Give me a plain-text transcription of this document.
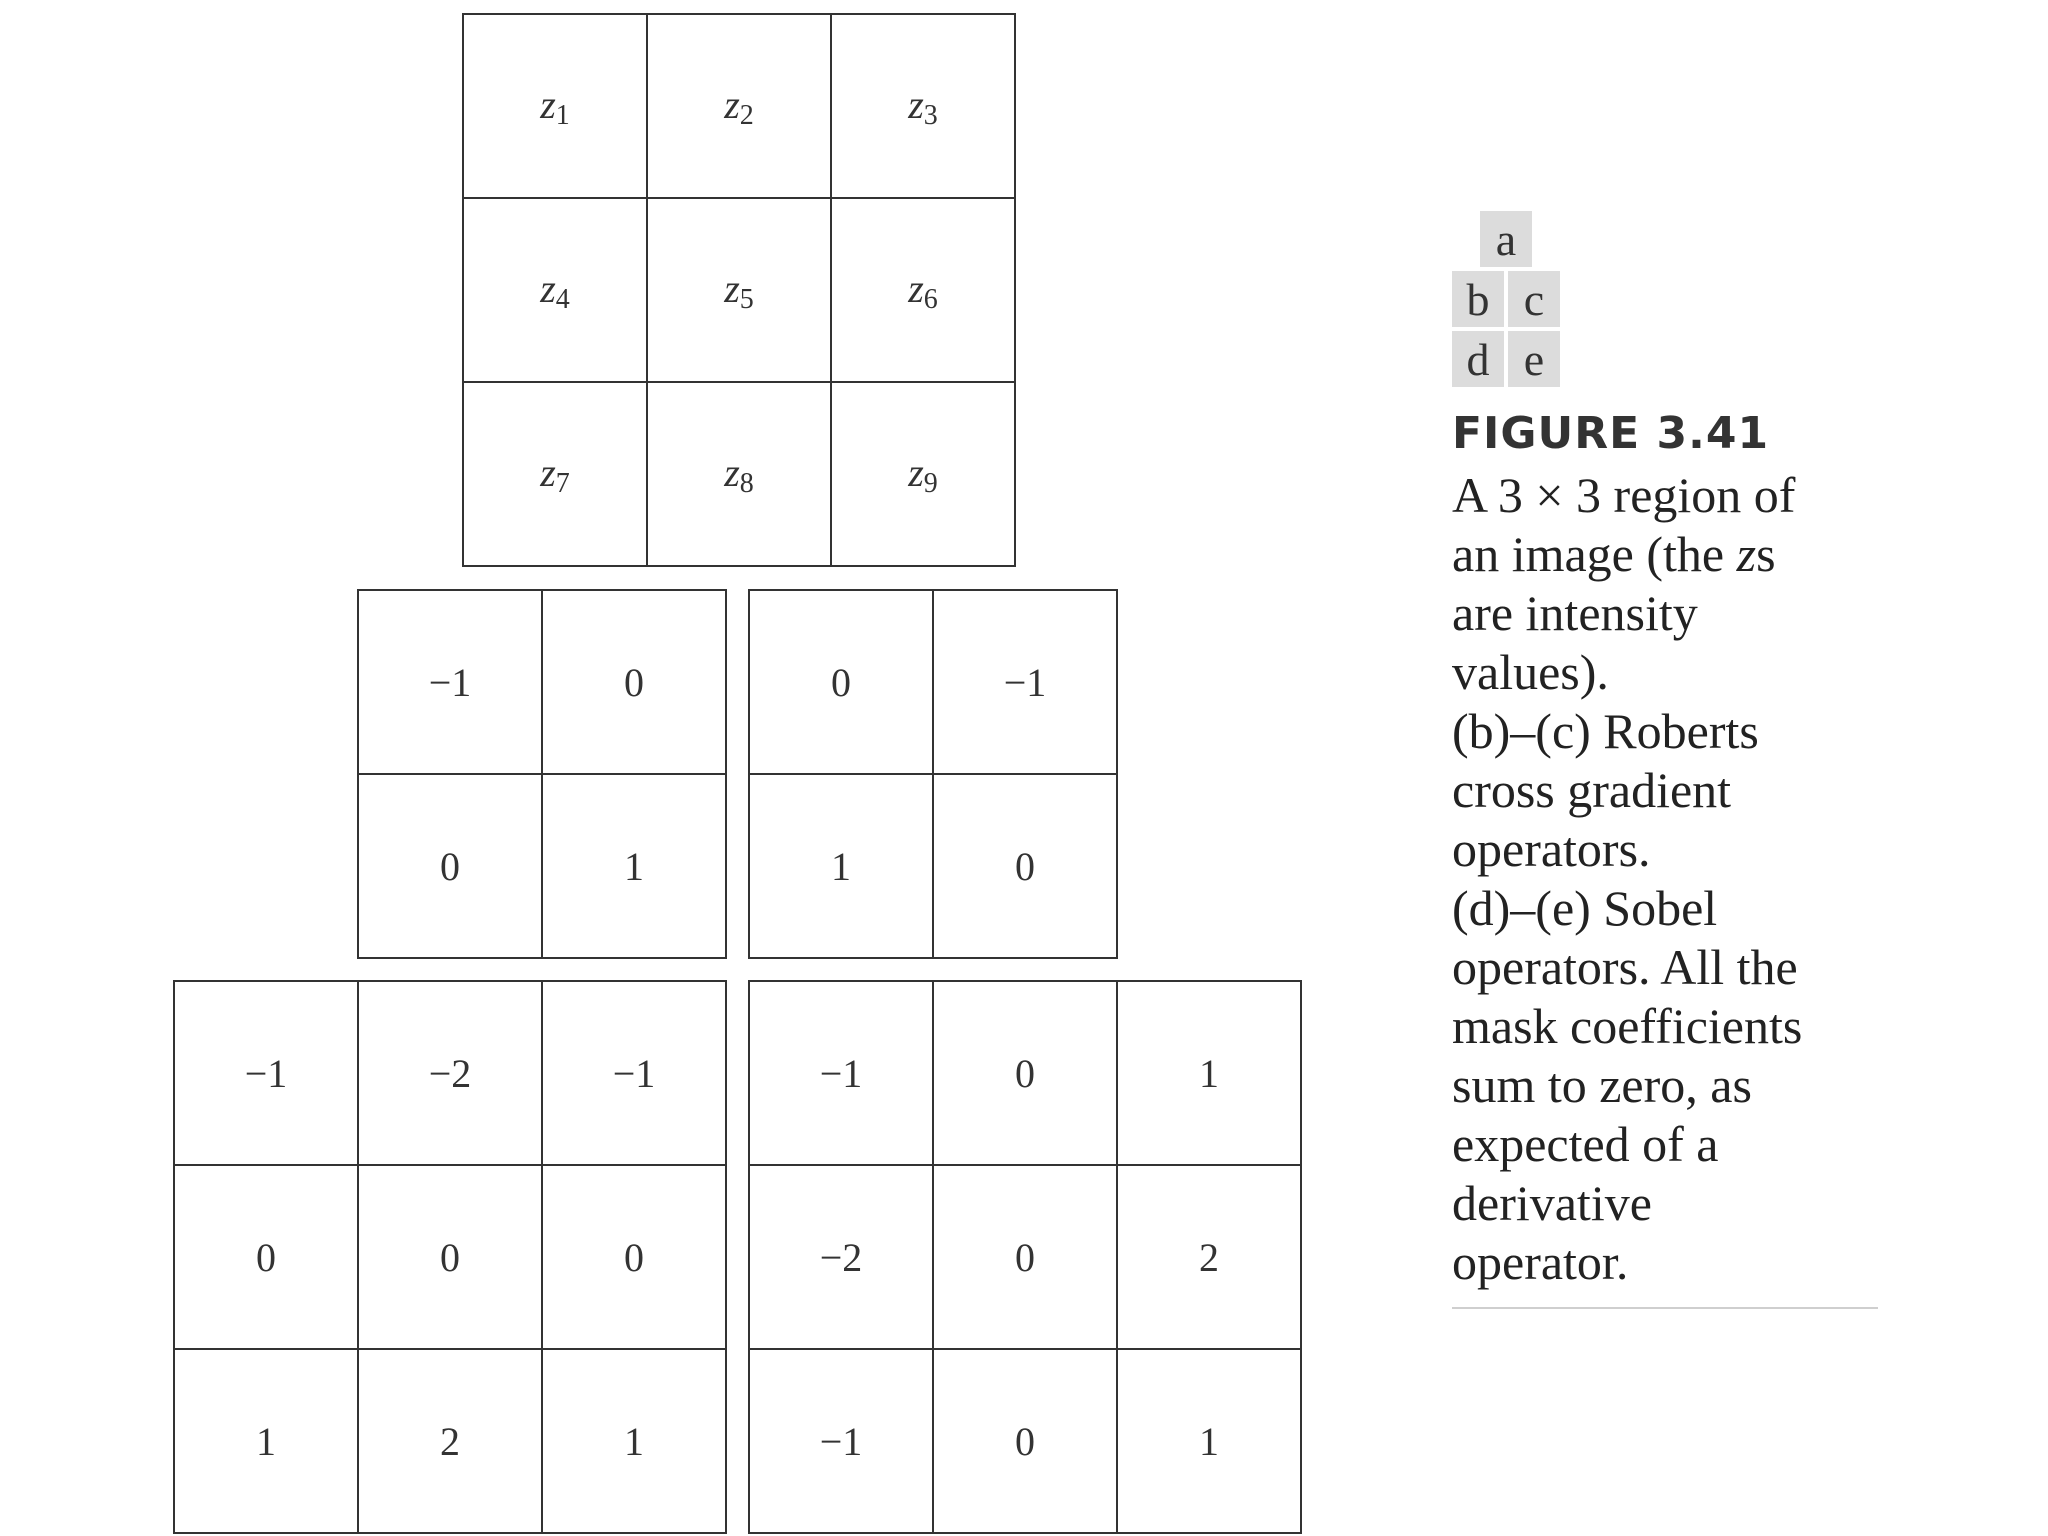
$z_1$	$z_2$	$z_3$
$z_4$	$z_5$	$z_6$
$z_7$	$z_8$	$z_9$
−1	0
0	1
0	−1
1	0
−1	−2	−1
0	0	0
1	2	1
−1	0	1
−2	0	2
−1	0	1
a
b c
d e
FIGURE 3.41
A 3 × 3 region of
an image (the zs
are intensity
values).
(b)–(c) Roberts
cross gradient
operators.
(d)–(e) Sobel
operators. All the
mask coefficients
sum to zero, as
expected of a
derivative
operator.
